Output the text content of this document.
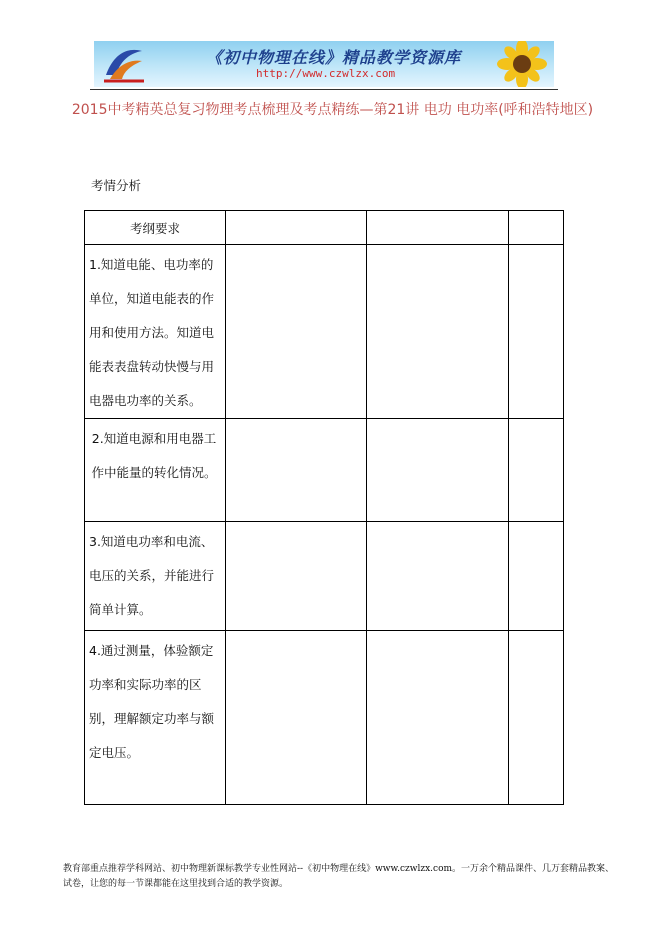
《初中物理在线》精品教学资源库
http://www.czwlzx.com
2015中考精英总复习物理考点梳理及考点精练—第21讲 电功 电功率(呼和浩特地区)
考情分析
考纲要求			

1.知道电能、电功率的单位，知道电能表的作用和使用方法。知道电能表表盘转动快慢与用电器电功率的关系。			

2.知道电源和用电器工作中能量的转化情况。			

3.知道电功率和电流、电压的关系，并能进行简单计算。			

4.通过测量，体验额定功率和实际功率的区别，理解额定功率与额定电压。			

教育部重点推荐学科网站、初中物理新课标教学专业性网站--《初中物理在线》www.czwlzx.com。一万余个精品课件、几万套精品教案、试卷，让您的每一节课都能在这里找到合适的教学资源。
